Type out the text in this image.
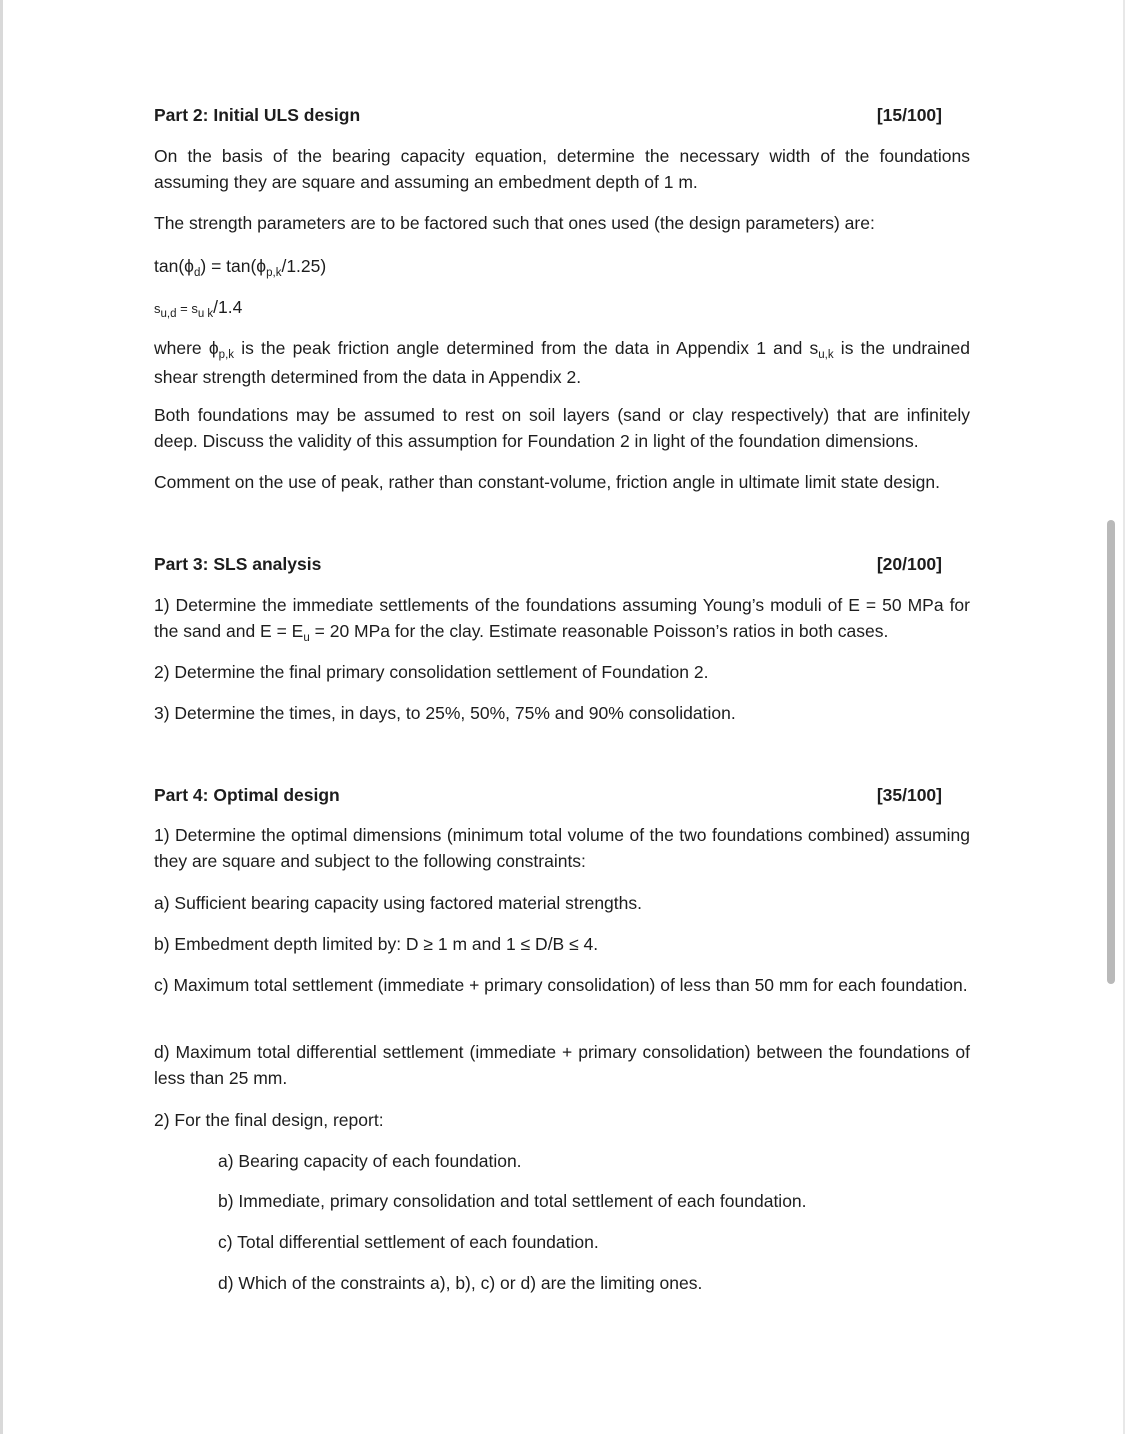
Part 2: Initial ULS design	[15/100]

On the basis of the bearing capacity equation, determine the necessary width of the foundations assuming they are square and assuming an embedment depth of 1 m.

The strength parameters are to be factored such that ones used (the design parameters) are:

$\tan(\phi_d) = \tan(\phi_{p,k}/1.25)$
$s_{u,d} = s_{u k}/1.4$

where $\phi_{p,k}$ is the peak friction angle determined from the data in Appendix 1 and $s_{u,k}$ is the undrained shear strength determined from the data in Appendix 2.

Both foundations may be assumed to rest on soil layers (sand or clay respectively) that are infinitely deep. Discuss the validity of this assumption for Foundation 2 in light of the foundation dimensions.

Comment on the use of peak, rather than constant-volume, friction angle in ultimate limit state design.

Part 3: SLS analysis	[20/100]

1) Determine the immediate settlements of the foundations assuming Young’s moduli of E = 50 MPa for the sand and $E = E_u = 20$ MPa for the clay. Estimate reasonable Poisson’s ratios in both cases.

2) Determine the final primary consolidation settlement of Foundation 2.

3) Determine the times, in days, to 25%, 50%, 75% and 90% consolidation.

Part 4: Optimal design	[35/100]

1) Determine the optimal dimensions (minimum total volume of the two foundations combined) assuming they are square and subject to the following constraints:

a) Sufficient bearing capacity using factored material strengths.

b) Embedment depth limited by: D ≥ 1 m and 1 ≤ D/B ≤ 4.

c) Maximum total settlement (immediate + primary consolidation) of less than 50 mm for each foundation.

d) Maximum total differential settlement (immediate + primary consolidation) between the foundations of less than 25 mm.

2) For the final design, report:

a) Bearing capacity of each foundation.

b) Immediate, primary consolidation and total settlement of each foundation.

c) Total differential settlement of each foundation.

d) Which of the constraints a), b), c) or d) are the limiting ones.
